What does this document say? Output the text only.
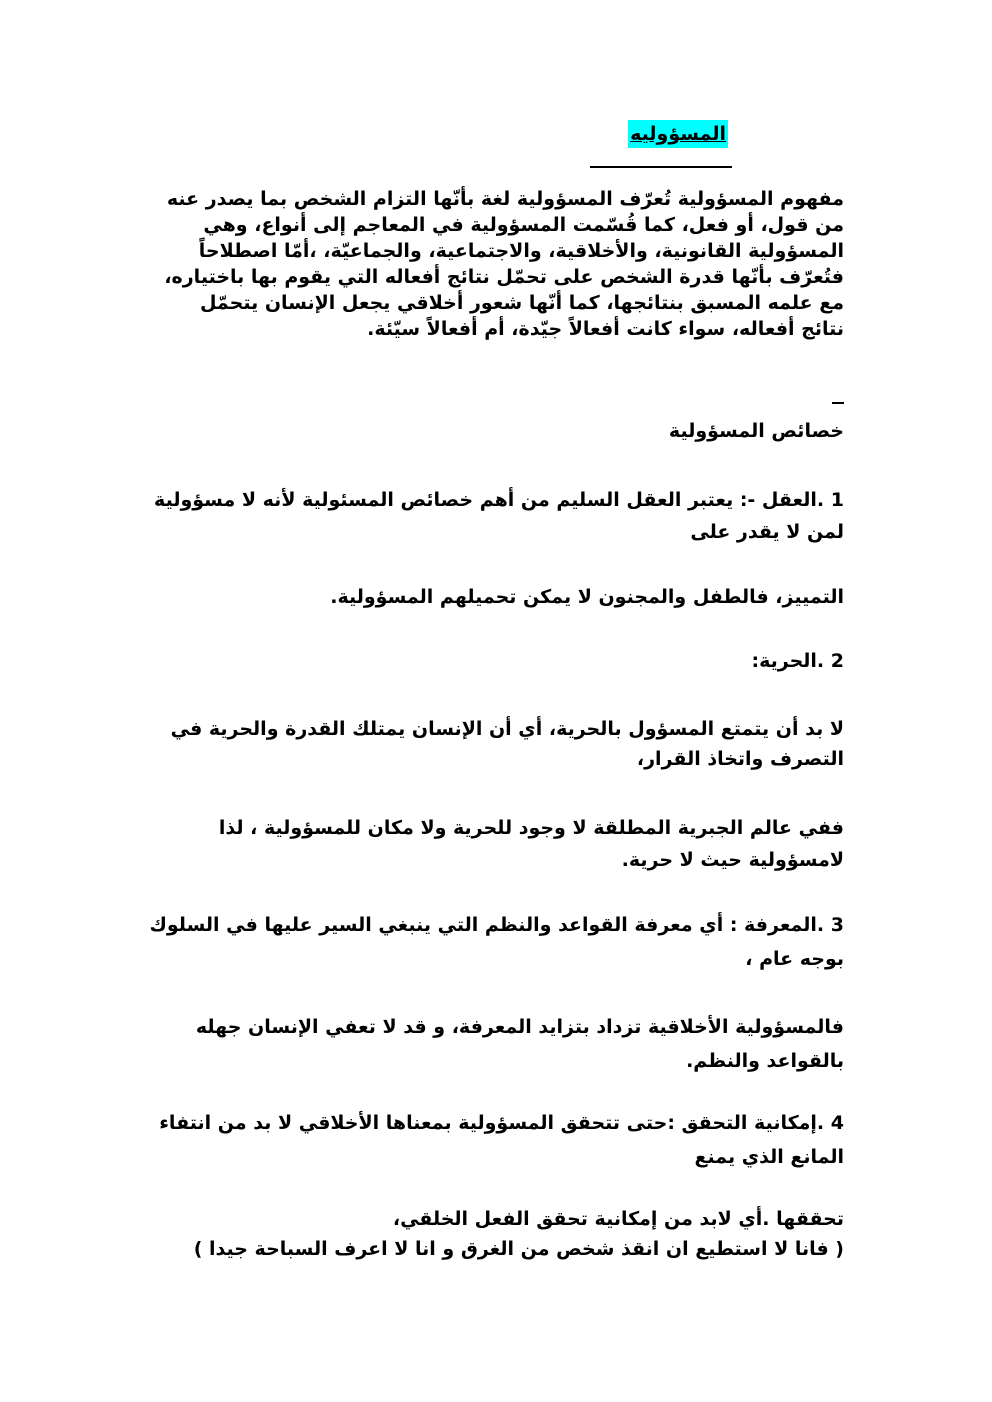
المسؤوليه
مفهوم المسؤولية تُعرّف المسؤولية لغة بأنّها التزام الشخص بما يصدر عنه
من قول، أو فعل، كما قُسّمت المسؤولية في المعاجم إلى أنواع، وهي
المسؤولية القانونية، والأخلاقية، والاجتماعية، والجماعيّة، ،أمّا اصطلاحاً
فتُعرّف بأنّها قدرة الشخص على تحمّل نتائج أفعاله التي يقوم بها باختياره،
مع علمه المسبق بنتائجها، كما أنّها شعور أخلاقي يجعل الإنسان يتحمّل
نتائج أفعاله، سواء كانت أفعالاً جيّدة، أم أفعالاً سيّئة.
خصائص المسؤولية
1 .العقل -: يعتبر العقل السليم من أهم خصائص المسئولية لأنه لا مسؤولية
لمن لا يقدر على
التمييز، فالطفل والمجنون لا يمكن تحميلهم المسؤولية.
2 .الحرية:
لا بد أن يتمتع المسؤول بالحرية، أي أن الإنسان يمتلك القدرة والحرية في
التصرف واتخاذ القرار،
ففي عالم الجبرية المطلقة لا وجود للحرية ولا مكان للمسؤولية ، لذا
لامسؤولية حيث لا حرية.
3 .المعرفة : أي معرفة القواعد والنظم التي ينبغي السير عليها في السلوك
بوجه عام ،
فالمسؤولية الأخلاقية تزداد بتزايد المعرفة، و قد لا تعفي الإنسان جهله
بالقواعد والنظم.
4 .إمكانية التحقق :حتى تتحقق المسؤولية بمعناها الأخلاقي لا بد من انتفاء
المانع الذي يمنع
تحققها .أي لابد من إمكانية تحقق الفعل الخلقي،
( فانا لا استطيع ان انقذ شخص من الغرق و انا لا اعرف السباحة جيدا )
